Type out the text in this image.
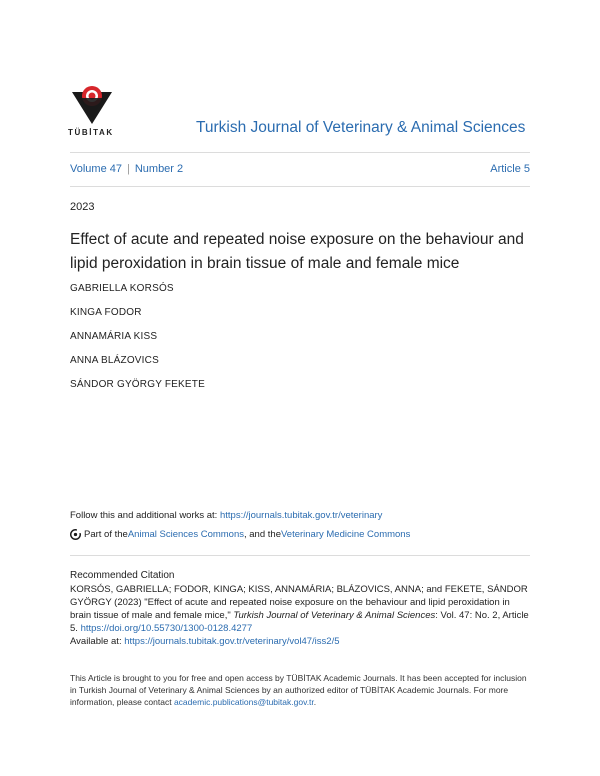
TÜBİTAK	Turkish Journal of Veterinary & Animal Sciences
Volume 47 | Number 2	Article 5
2023
Effect of acute and repeated noise exposure on the behaviour and lipid peroxidation in brain tissue of male and female mice
GABRIELLA KORSÓS
KINGA FODOR
ANNAMÁRIA KISS
ANNA BLÁZOVICS
SÁNDOR GYÖRGY FEKETE
Follow this and additional works at: https://journals.tubitak.gov.tr/veterinary
Part of the Animal Sciences Commons , and the Veterinary Medicine Commons
Recommended Citation
KORSÓS, GABRIELLA; FODOR, KINGA; KISS, ANNAMÁRIA; BLÁZOVICS, ANNA; and FEKETE, SÁNDOR GYÖRGY (2023) "Effect of acute and repeated noise exposure on the behaviour and lipid peroxidation in brain tissue of male and female mice," Turkish Journal of Veterinary & Animal Sciences: Vol. 47: No. 2, Article 5. https://doi.org/10.55730/1300-0128.4277
Available at: https://journals.tubitak.gov.tr/veterinary/vol47/iss2/5
This Article is brought to you for free and open access by TÜBİTAK Academic Journals. It has been accepted for inclusion in Turkish Journal of Veterinary & Animal Sciences by an authorized editor of TÜBİTAK Academic Journals. For more information, please contact academic.publications@tubitak.gov.tr.
